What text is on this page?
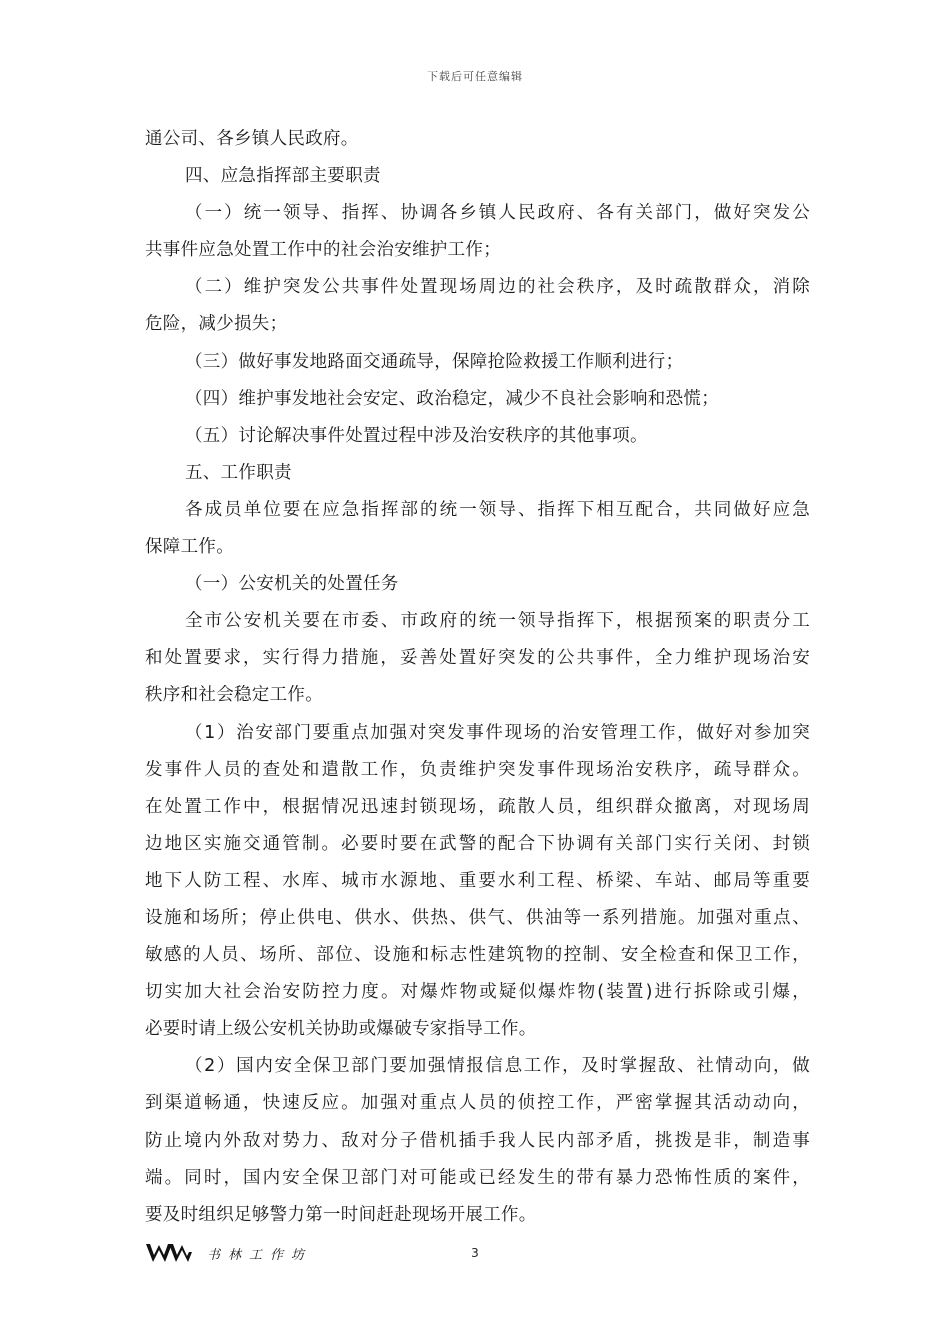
下载后可任意编辑
通公司、各乡镇人民政府。
四、应急指挥部主要职责
（一）统一领导、指挥、协调各乡镇人民政府、各有关部门，做好突发公
共事件应急处置工作中的社会治安维护工作；
（二）维护突发公共事件处置现场周边的社会秩序，及时疏散群众，消除
危险，减少损失；
（三）做好事发地路面交通疏导，保障抢险救援工作顺利进行；
（四）维护事发地社会安定、政治稳定，减少不良社会影响和恐慌；
（五）讨论解决事件处置过程中涉及治安秩序的其他事项。
五、工作职责
各成员单位要在应急指挥部的统一领导、指挥下相互配合，共同做好应急
保障工作。
（一）公安机关的处置任务
全市公安机关要在市委、市政府的统一领导指挥下，根据预案的职责分工
和处置要求，实行得力措施，妥善处置好突发的公共事件，全力维护现场治安
秩序和社会稳定工作。
（1）治安部门要重点加强对突发事件现场的治安管理工作，做好对参加突
发事件人员的查处和遣散工作，负责维护突发事件现场治安秩序，疏导群众。
在处置工作中，根据情况迅速封锁现场，疏散人员，组织群众撤离，对现场周
边地区实施交通管制。必要时要在武警的配合下协调有关部门实行关闭、封锁
地下人防工程、水库、城市水源地、重要水利工程、桥梁、车站、邮局等重要
设施和场所；停止供电、供水、供热、供气、供油等一系列措施。加强对重点、
敏感的人员、场所、部位、设施和标志性建筑物的控制、安全检查和保卫工作，
切实加大社会治安防控力度。对爆炸物或疑似爆炸物(装置)进行拆除或引爆，
必要时请上级公安机关协助或爆破专家指导工作。
（2）国内安全保卫部门要加强情报信息工作，及时掌握敌、社情动向，做
到渠道畅通，快速反应。加强对重点人员的侦控工作，严密掌握其活动动向，
防止境内外敌对势力、敌对分子借机插手我人民内部矛盾，挑拨是非，制造事
端。同时，国内安全保卫部门对可能或已经发生的带有暴力恐怖性质的案件，
要及时组织足够警力第一时间赶赴现场开展工作。
书林工作坊	3
